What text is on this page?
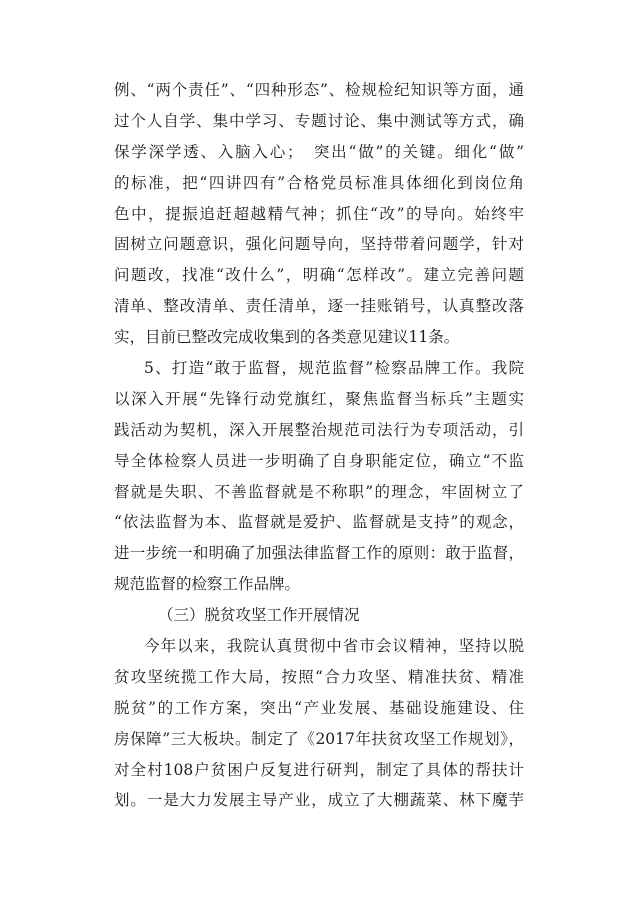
例、“两个责任”、“四种形态”、检规检纪知识等方面，通
过个人自学、集中学习、专题讨论、集中测试等方式，确
保学深学透、入脑入心；　突出“做”的关键。细化“做”
的标准，把“四讲四有”合格党员标准具体细化到岗位角
色中，提振追赶超越精气神；抓住“改”的导向。始终牢
固树立问题意识，强化问题导向，坚持带着问题学，针对
问题改，找准“改什么”，明确“怎样改”。建立完善问题
清单、整改清单、责任清单，逐一挂账销号，认真整改落
实，目前已整改完成收集到的各类意见建议11条。
5、打造“敢于监督，规范监督”检察品牌工作。我院
以深入开展“先锋行动党旗红，聚焦监督当标兵”主题实
践活动为契机，深入开展整治规范司法行为专项活动，引
导全体检察人员进一步明确了自身职能定位，确立“不监
督就是失职、不善监督就是不称职”的理念，牢固树立了
“依法监督为本、监督就是爱护、监督就是支持”的观念，
进一步统一和明确了加强法律监督工作的原则：敢于监督，
规范监督的检察工作品牌。
（三）脱贫攻坚工作开展情况
今年以来，我院认真贯彻中省市会议精神，坚持以脱
贫攻坚统揽工作大局，按照“合力攻坚、精准扶贫、精准
脱贫”的工作方案，突出“产业发展、基础设施建设、住
房保障”三大板块。制定了《2017年扶贫攻坚工作规划》，
对全村108户贫困户反复进行研判，制定了具体的帮扶计
划。一是大力发展主导产业，成立了大棚蔬菜、林下魔芋
